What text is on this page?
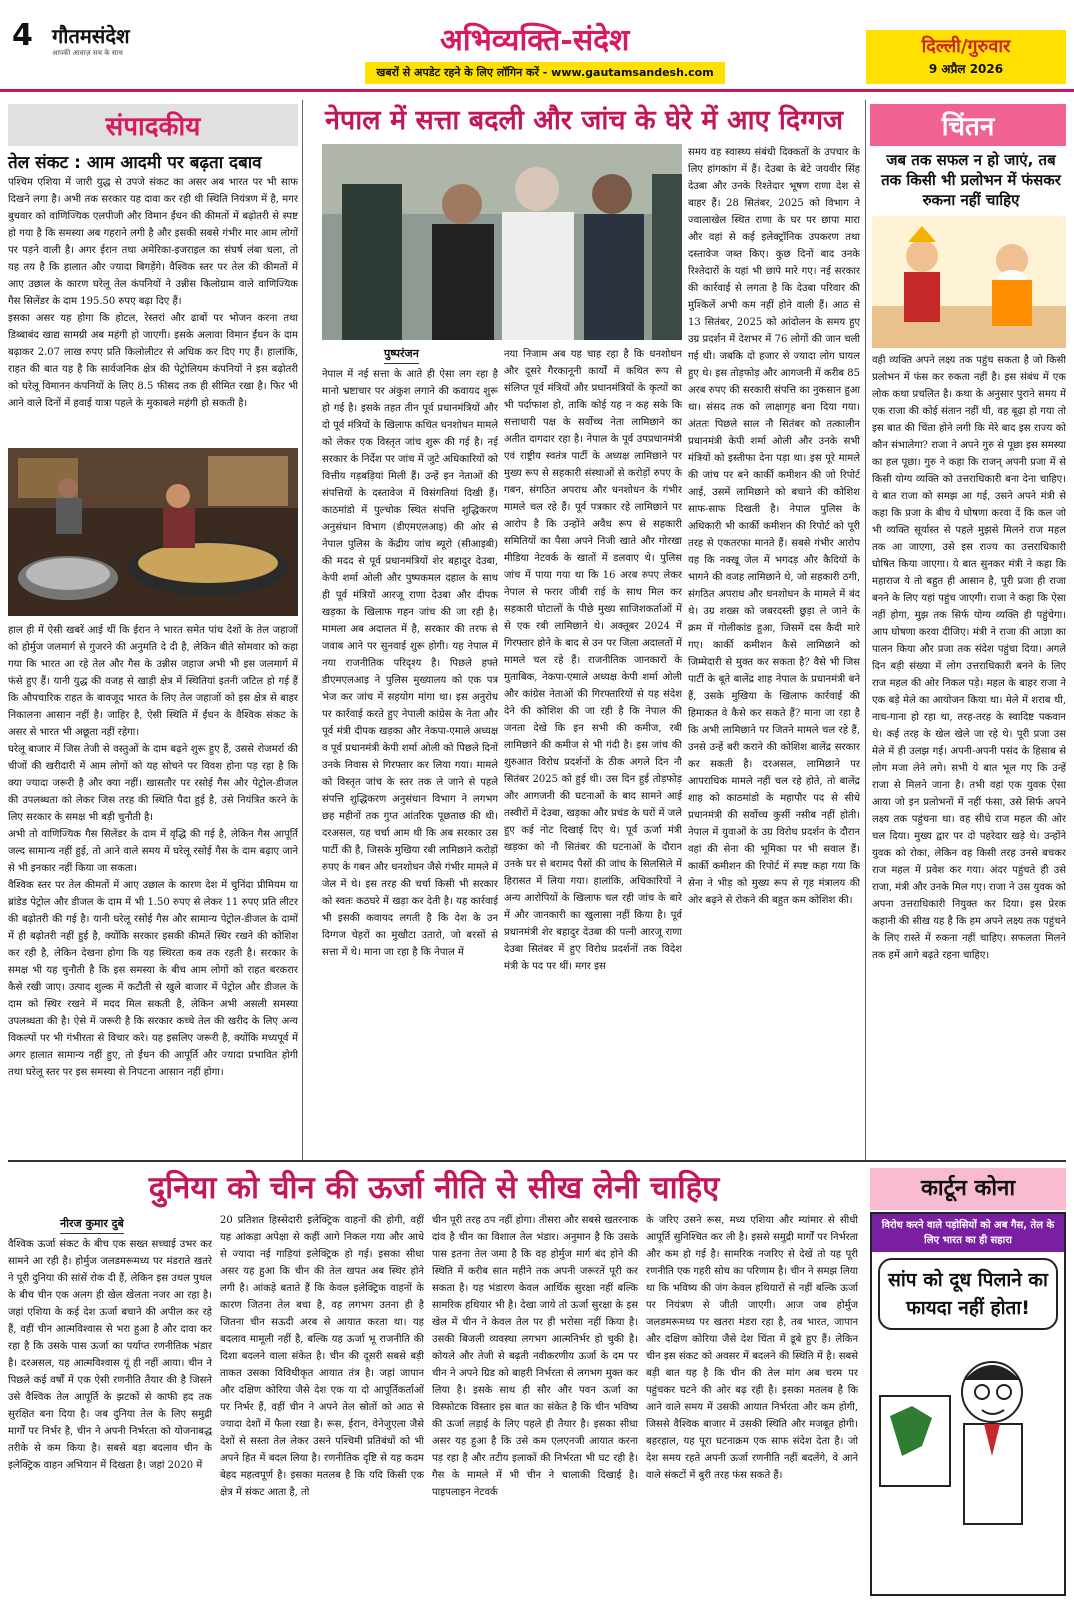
4 गौतमसंदेश
आपकी आवाज़ सच के साथ	अभिव्यक्ति-संदेश
खबरों से अपडेट रहने के लिए लॉगिन करें - www.gautamsandesh.com
दिल्ली/गुरुवार
9 अप्रैल 2026
संपादकीय
तेल संकट : आम आदमी पर बढ़ता दबाव

पश्चिम एशिया में जारी युद्ध से उपजे संकट का असर अब भारत पर भी साफ दिखने लगा है। अभी तक सरकार यह दावा कर रही थी स्थिति नियंत्रण में है, मगर बुधवार को वाणिज्यिक एलपीजी और विमान ईंधन की कीमतों में बढ़ोतरी से स्पष्ट हो गया है कि समस्या अब गहराने लगी है और इसकी सबसे गंभीर मार आम लोगों पर पड़ने वाली है। अगर ईरान तथा अमेरिका-इजराइल का संघर्ष लंबा चला, तो यह तय है कि हालात और ज्यादा बिगड़ेंगे। वैश्विक स्तर पर तेल की कीमतों में आए उछाल के कारण घरेलू तेल कंपनियों ने उन्नीस किलोग्राम वाले वाणिज्यिक गैस सिलेंडर के दाम 195.50 रुपए बढ़ा दिए हैं।

इसका असर यह होगा कि होटल, रेस्तरां और ढाबों पर भोजन करना तथा डिब्बाबंद खाद्य सामग्री अब महंगी हो जाएगी। इसके अलावा विमान ईंधन के दाम बढ़ाकर 2.07 लाख रुपए प्रति किलोलीटर से अधिक कर दिए गए हैं। हालांकि, राहत की बात यह है कि सार्वजनिक क्षेत्र की पेट्रोलियम कंपनियों ने इस बढ़ोतरी को घरेलू विमानन कंपनियों के लिए 8.5 फीसद तक ही सीमित रखा है। फिर भी आने वाले दिनों में हवाई यात्रा पहले के मुकाबले महंगी हो सकती है।

हाल ही में ऐसी खबरें आई थीं कि ईरान ने भारत समेत पांच देशों के तेल जहाजों को होर्मुज जलमार्ग से गुजरने की अनुमति दे दी है, लेकिन बीते सोमवार को कहा गया कि भारत आ रहे तेल और गैस के उन्नीस जहाज अभी भी इस जलमार्ग में फंसे हुए हैं। यानी युद्ध की वजह से खाड़ी क्षेत्र में स्थितियां इतनी जटिल हो गई हैं कि औपचारिक राहत के बावजूद भारत के लिए तेल जहाजों को इस क्षेत्र से बाहर निकालना आसान नहीं है। जाहिर है, ऐसी स्थिति में ईंधन के वैश्विक संकट के असर से भारत भी अछूता नहीं रहेगा।

घरेलू बाजार में जिस तेजी से वस्तुओं के दाम बढ़ने शुरू हुए हैं, उससे रोजमर्रा की चीजों की खरीदारी में आम लोगों को यह सोचने पर विवश होना पड़ रहा है कि क्या ज्यादा जरूरी है और क्या नहीं। खासतौर पर रसोई गैस और पेट्रोल-डीजल की उपलब्धता को लेकर जिस तरह की स्थिति पैदा हुई है, उसे नियंत्रित करने के लिए सरकार के समक्ष भी बड़ी चुनौती है।

अभी तो वाणिज्यिक गैस सिलेंडर के दाम में वृद्धि की गई है, लेकिन गैस आपूर्ति जल्द सामान्य नहीं हुई, तो आने वाले समय में घरेलू रसोई गैस के दाम बढ़ाए जाने से भी इनकार नहीं किया जा सकता।

वैश्विक स्तर पर तेल कीमतों में आए उछाल के कारण देश में चुनिंदा प्रीमियम या ब्रांडेड पेट्रोल और डीजल के दाम में भी 1.50 रुपए से लेकर 11 रुपए प्रति लीटर की बढ़ोतरी की गई है। यानी घरेलू रसोई गैस और सामान्य पेट्रोल-डीजल के दामों में ही बढ़ोतरी नहीं हुई है, क्योंकि सरकार इसकी कीमतें स्थिर रखने की कोशिश कर रही है, लेकिन देखना होगा कि यह स्थिरता कब तक रहती है। सरकार के समक्ष भी यह चुनौती है कि इस समस्या के बीच आम लोगों को राहत बरकरार कैसे रखी जाए। उत्पाद शुल्क में कटौती से खुले बाजार में पेट्रोल और डीजल के दाम को स्थिर रखने में मदद मिल सकती है, लेकिन अभी असली समस्या उपलब्धता की है। ऐसे में जरूरी है कि सरकार कच्चे तेल की खरीद के लिए अन्य विकल्पों पर भी गंभीरता से विचार करे। यह इसलिए जरूरी है, क्योंकि मध्यपूर्व में अगर हालात सामान्य नहीं हुए, तो ईंधन की आपूर्ति और ज्यादा प्रभावित होगी तथा घरेलू स्तर पर इस समस्या से निपटना आसान नहीं होगा।

नेपाल में सत्ता बदली और जांच के घेरे में आए दिग्गज
पुष्परंजन
नेपाल में नई सत्ता के आते ही ऐसा लग रहा है मानो भ्रष्टाचार पर अंकुश लगाने की कवायद शुरू हो गई है। इसके तहत तीन पूर्व प्रधानमंत्रियों और दो पूर्व मंत्रियों के खिलाफ कथित धनशोधन मामले को लेकर एक विस्तृत जांच शुरू की गई है। नई सरकार के निर्देश पर जांच में जुटे अधिकारियों को वित्तीय गड़बड़ियां मिली हैं। उन्हें इन नेताओं की संपत्तियों के दस्तावेज में विसंगतियां दिखी हैं। काठमांडो में पुल्चोक स्थित संपत्ति शुद्धिकरण अनुसंधान विभाग (डीएमएलआइ) की ओर से नेपाल पुलिस के केंद्रीय जांच ब्यूरो (सीआइबी) की मदद से पूर्व प्रधानमंत्रियों शेर बहादुर देउबा, केपी शर्मा ओली और पुष्पकमल दहाल के साथ ही पूर्व मंत्रियों आरजू राणा देउबा और दीपक खड़का के खिलाफ गहन जांच की जा रही है। मामला अब अदालत में है, सरकार की तरफ से जवाब आने पर सुनवाई शुरू होगी। यह नेपाल में नया राजनीतिक परिदृश्य है। पिछले हफ्ते डीएमएलआइ ने पुलिस मुख्यालय को एक पत्र भेज कर जांच में सहयोग मांगा था। इस अनुरोध पर कार्रवाई करते हुए नेपाली कांग्रेस के नेता और पूर्व मंत्री दीपक खड़का और नेकपा-एमाले अध्यक्ष व पूर्व प्रधानमंत्री केपी शर्मा ओली को पिछले दिनों उनके निवास से गिरफ्तार कर लिया गया। मामले को विस्तृत जांच के स्तर तक ले जाने से पहले संपत्ति शुद्धिकरण अनुसंधान विभाग ने लगभग छह महीनों तक गुप्त आंतरिक पूछताछ की थी। दरअसल, यह चर्चा आम थी कि अब सरकार उस पार्टी की है, जिसके मुखिया रबी लामिछाने करोड़ों रुपए के गबन और धनशोधन जैसे गंभीर मामले में जेल में थे। इस तरह की चर्चा किसी भी सरकार को स्वतः कठघरे में खड़ा कर देती है। यह कार्रवाई भी इसकी कवायद लगती है कि देश के उन दिग्गज चेहरों का मुखौटा उतारो, जो बरसों से सत्ता में थे। माना जा रहा है कि नेपाल में
नया निजाम अब यह चाह रहा है कि धनशोधन और दूसरे गैरकानूनी कार्यों में कथित रूप से संलिप्त पूर्व मंत्रियों और प्रधानमंत्रियों के कृत्यों का भी पर्दाफाश हो, ताकि कोई यह न कह सके कि सत्ताधारी पक्ष के सर्वोच्च नेता लामिछाने का अतीत दागदार रहा है। नेपाल के पूर्व उपप्रधानमंत्री एवं राष्ट्रीय स्वतंत्र पार्टी के अध्यक्ष लामिछाने पर मुख्य रूप से सहकारी संस्थाओं से करोड़ों रुपए के गबन, संगठित अपराध और धनशोधन के गंभीर मामले चल रहे हैं। पूर्व पत्रकार रहे लामिछाने पर आरोप है कि उन्होंने अवैध रूप से सहकारी समितियों का पैसा अपने निजी खाते और गोरखा मीडिया नेटवर्क के खातों में डलवाए थे। पुलिस जांच में पाया गया था कि 16 अरब रुपए लेकर नेपाल से फरार जीबी राई के साथ मिल कर सहकारी घोटालों के पीछे मुख्य साजिशकर्ताओं में से एक रबी लामिछाने थे। अक्तूबर 2024 में गिरफ्तार होने के बाद से उन पर जिला अदालतों में मामले चल रहे हैं। राजनीतिक जानकारों के मुताबिक, नेकपा-एमाले अध्यक्ष केपी शर्मा ओली और कांग्रेस नेताओं की गिरफ्तारियों से यह संदेश देने की कोशिश की जा रही है कि नेपाल की जनता देखे कि इन सभी की कमीज, रबी लामिछाने की कमीज से भी गंदी है। इस जांच की शुरुआत विरोध प्रदर्शनों के ठीक अगले दिन नौ सितंबर 2025 को हुई थी। उस दिन हुई तोड़फोड़ और आगजनी की घटनाओं के बाद सामने आई तस्वीरों में देउबा, खड़का और प्रचंड के घरों में जले हुए कई नोट दिखाई दिए थे। पूर्व ऊर्जा मंत्री खड़का को नौ सितंबर की घटनाओं के दौरान उनके घर से बरामद पैसों की जांच के सिलसिले में हिरासत में लिया गया। हालांकि, अधिकारियों ने अन्य आरोपियों के खिलाफ चल रही जांच के बारे में और जानकारी का खुलासा नहीं किया है। पूर्व प्रधानमंत्री शेर बहादुर देउबा की पत्नी आरजू राणा देउबा सितंबर में हुए विरोध प्रदर्शनों तक विदेश मंत्री के पद पर थीं। मगर इस
समय वह स्वास्थ्य संबंधी दिक्कतों के उपचार के लिए हांगकांग में हैं। देउबा के बेटे जयवीर सिंह देउबा और उनके रिश्तेदार भूषण राणा देश से बाहर हैं। 28 सितंबर, 2025 को विभाग ने ज्वालाखेल स्थित राणा के घर पर छापा मारा और वहां से कई इलेक्ट्रॉनिक उपकरण तथा दस्तावेज जब्त किए। कुछ दिनों बाद उनके रिश्तेदारों के यहां भी छापे मारे गए। नई सरकार की कार्रवाई से लगता है कि देउबा परिवार की मुश्किलें अभी कम नहीं होने वाली हैं। आठ से 13 सितंबर, 2025 को आंदोलन के समय हुए उग्र प्रदर्शन में देशभर में 76 लोगों की जान चली गई थी। जबकि दो हजार से ज्यादा लोग घायल हुए थे। इस तोड़फोड़ और आगजनी में करीब 85 अरब रुपए की सरकारी संपत्ति का नुकसान हुआ था। संसद तक को लाक्षागृह बना दिया गया। अंततः पिछले साल नौ सितंबर को तत्कालीन प्रधानमंत्री केपी शर्मा ओली और उनके सभी मंत्रियों को इस्तीफा देना पड़ा था। इस पूरे मामले की जांच पर बने कार्की कमीशन की जो रिपोर्ट आई, उसमें लामिछाने को बचाने की कोशिश साफ-साफ दिखती है। नेपाल पुलिस के अधिकारी भी कार्की कमीशन की रिपोर्ट को पूरी तरह से एकतरफा मानते हैं। सबसे गंभीर आरोप यह कि नक्खू जेल में भगदड़ और कैदियों के भागने की वजह लामिछाने थे, जो सहकारी ठगी, संगठित अपराध और धनशोधन के मामले में बंद थे। उग्र शख्स को जबरदस्ती छुड़ा ले जाने के क्रम में गोलीकांड हुआ, जिसमें दस कैदी मारे गए। कार्की कमीशन कैसे लामिछाने को जिम्मेदारी से मुक्त कर सकता है? वैसे भी जिस पार्टी के बूते बालेंद्र शाह नेपाल के प्रधानमंत्री बने हैं, उसके मुखिया के खिलाफ कार्रवाई की हिमाकत वे कैसे कर सकते हैं? माना जा रहा है कि अभी लामिछाने पर जितने मामले चल रहे हैं, उनसे उन्हें बरी कराने की कोशिश बालेंद्र सरकार कर सकती है। दरअसल, लामिछाने पर आपराधिक मामले नहीं चल रहे होते, तो बालेंद्र शाह को काठमांडो के महापौर पद से सीधे प्रधानमंत्री की सर्वोच्च कुर्सी नसीब नहीं होती। नेपाल में युवाओं के उग्र विरोध प्रदर्शन के दौरान वहां की सेना की भूमिका पर भी सवाल हैं। कार्की कमीशन की रिपोर्ट में स्पष्ट कहा गया कि सेना ने भीड़ को मुख्य रूप से गृह मंत्रालय की ओर बढ़ने से रोकने की बहुत कम कोशिश की।
चिंतन
जब तक सफल न हो जाएं, तब तक किसी भी प्रलोभन में फंसकर रुकना नहीं चाहिए
वही व्यक्ति अपने लक्ष्य तक पहुंच सकता है जो किसी प्रलोभन में फंस कर रुकता नहीं है। इस संबंध में एक लोक कथा प्रचलित है। कथा के अनुसार पुराने समय में एक राजा की कोई संतान नहीं थी, वह बूढ़ा हो गया तो इस बात की चिंता होने लगी कि मेरे बाद इस राज्य को कौन संभालेगा? राजा ने अपने गुरु से पूछा इस समस्या का हल पूछा। गुरु ने कहा कि राजन् अपनी प्रजा में से किसी योग्य व्यक्ति को उत्तराधिकारी बना देना चाहिए। ये बात राजा को समझ आ गई, उसने अपने मंत्री से कहा कि प्रजा के बीच ये घोषणा करवा दें कि कल जो भी व्यक्ति सूर्यास्त से पहले मुझसे मिलने राज महल तक आ जाएगा, उसे इस राज्य का उत्तराधिकारी घोषित किया जाएगा। ये बात सुनकर मंत्री ने कहा कि महाराज ये तो बहुत ही आसान है, पूरी प्रजा ही राजा बनने के लिए यहां पहुंच जाएगी। राजा ने कहा कि ऐसा नहीं होगा, मुझ तक सिर्फ योग्य व्यक्ति ही पहुंचेगा। आप घोषणा करवा दीजिए। मंत्री ने राजा की आज्ञा का पालन किया और प्रजा तक संदेश पहुंचा दिया। अगले दिन बड़ी संख्या में लोग उत्तराधिकारी बनने के लिए राज महल की ओर निकल पड़े। महल के बाहर राजा ने एक बड़े मेले का आयोजन किया था। मेले में शराब थी, नाच-गाना हो रहा था, तरह-तरह के स्वादिष्ट पकवान थे। कई तरह के खेल खेले जा रहे थे। पूरी प्रजा उस मेले में ही उलझ गई। अपनी-अपनी पसंद के हिसाब से लोग मजा लेने लगे। सभी ये बात भूल गए कि उन्हें राजा से मिलने जाना है। तभी वहां एक युवक ऐसा आया जो इन प्रलोभनों में नहीं फंसा, उसे सिर्फ अपने लक्ष्य तक पहुंचना था। वह सीधे राज महल की ओर चल दिया। मुख्य द्वार पर दो पहरेदार खड़े थे। उन्होंने युवक को रोका, लेकिन वह किसी तरह उनसे बचकर राज महल में प्रवेश कर गया। अंदर पहुंचते ही उसे राजा, मंत्री और उनके मिल गए। राजा ने उस युवक को अपना उत्तराधिकारी नियुक्त कर दिया। इस प्रेरक कहानी की सीख यह है कि हम अपने लक्ष्य तक पहुंचने के लिए रास्ते में रुकना नहीं चाहिए। सफलता मिलने तक हमें आगे बढ़ते रहना चाहिए।
दुनिया को चीन की ऊर्जा नीति से सीख लेनी चाहिए
नीरज कुमार दुबे
वैश्विक ऊर्जा संकट के बीच एक सख्त सच्चाई उभर कर सामने आ रही है। होर्मुज जलडमरूमध्य पर मंडराते खतरे ने पूरी दुनिया की सांसें रोक दी हैं, लेकिन इस उथल पुथल के बीच चीन एक अलग ही खेल खेलता नजर आ रहा है। जहां एशिया के कई देश ऊर्जा बचाने की अपील कर रहे हैं, वहीं चीन आत्मविश्वास से भरा हुआ है और दावा कर रहा है कि उसके पास ऊर्जा का पर्याप्त रणनीतिक भंडार है। दरअसल, यह आत्मविश्वास यूं ही नहीं आया। चीन ने पिछले कई वर्षों में एक ऐसी रणनीति तैयार की है जिसने उसे वैश्विक तेल आपूर्ति के झटकों से काफी हद तक सुरक्षित बना दिया है। जब दुनिया तेल के लिए समुद्री मार्गों पर निर्भर है, चीन ने अपनी निर्भरता को योजनाबद्ध तरीके से कम किया है। सबसे बड़ा बदलाव चीन के इलेक्ट्रिक वाहन अभियान में दिखता है। जहां 2020 में
20 प्रतिशत हिस्सेदारी इलेक्ट्रिक वाहनों की होगी, वहीं यह आंकड़ा अपेक्षा से कहीं आगे निकल गया और आधे से ज्यादा नई गाड़ियां इलेक्ट्रिक हो गई। इसका सीधा असर यह हुआ कि चीन की तेल खपत अब स्थिर होने लगी है। आंकड़े बताते हैं कि केवल इलेक्ट्रिक वाहनों के कारण जितना तेल बचा है, वह लगभग उतना ही है जितना चीन सऊदी अरब से आयात करता था। यह बदलाव मामूली नहीं है, बल्कि यह ऊर्जा भू राजनीति की दिशा बदलने वाला संकेत है। चीन की दूसरी सबसे बड़ी ताकत उसका विविधीकृत आयात तंत्र है। जहां जापान और दक्षिण कोरिया जैसे देश एक या दो आपूर्तिकर्ताओं पर निर्भर हैं, वहीं चीन ने अपने तेल स्रोतों को आठ से ज्यादा देशों में फैला रखा है। रूस, ईरान, वेनेजुएला जैसे देशों से सस्ता तेल लेकर उसने पश्चिमी प्रतिबंधों को भी अपने हित में बदल लिया है। रणनीतिक दृष्टि से यह कदम बेहद महत्वपूर्ण है। इसका मतलब है कि यदि किसी एक क्षेत्र में संकट आता है, तो
चीन पूरी तरह ठप नहीं होगा। तीसरा और सबसे खतरनाक दांव है चीन का विशाल तेल भंडार। अनुमान है कि उसके पास इतना तेल जमा है कि वह होर्मुज मार्ग बंद होने की स्थिति में करीब सात महीने तक अपनी जरूरतें पूरी कर सकता है। यह भंडारण केवल आर्थिक सुरक्षा नहीं बल्कि सामरिक हथियार भी है। देखा जाये तो ऊर्जा सुरक्षा के इस खेल में चीन ने केवल तेल पर ही भरोसा नहीं किया है। उसकी बिजली व्यवस्था लगभग आत्मनिर्भर हो चुकी है। कोयले और तेजी से बढ़ती नवीकरणीय ऊर्जा के दम पर चीन ने अपने ग्रिड को बाहरी निर्भरता से लगभग मुक्त कर लिया है। इसके साथ ही सौर और पवन ऊर्जा का विस्फोटक विस्तार इस बात का संकेत है कि चीन भविष्य की ऊर्जा लड़ाई के लिए पहले ही तैयार है। इसका सीधा असर यह हुआ है कि उसे कम एलएनजी आयात करना पड़ रहा है और तटीय इलाकों की निर्भरता भी घट रही है। गैस के मामले में भी चीन ने चालाकी दिखाई है। पाइपलाइन नेटवर्क
के जरिए उसने रूस, मध्य एशिया और म्यांमार से सीधी आपूर्ति सुनिश्चित कर ली है। इससे समुद्री मार्गों पर निर्भरता और कम हो गई है। सामरिक नजरिए से देखें तो यह पूरी रणनीति एक गहरी सोच का परिणाम है। चीन ने समझ लिया था कि भविष्य की जंग केवल हथियारों से नहीं बल्कि ऊर्जा पर नियंत्रण से जीती जाएगी। आज जब होर्मुज जलडमरूमध्य पर खतरा मंडरा रहा है, तब भारत, जापान और दक्षिण कोरिया जैसे देश चिंता में डूबे हुए हैं। लेकिन चीन इस संकट को अवसर में बदलने की स्थिति में है। सबसे बड़ी बात यह है कि चीन की तेल मांग अब चरम पर पहुंचकर घटने की ओर बढ़ रही है। इसका मतलब है कि आने वाले समय में उसकी आयात निर्भरता और कम होगी, जिससे वैश्विक बाजार में उसकी स्थिति और मजबूत होगी। बहरहाल, यह पूरा घटनाक्रम एक साफ संदेश देता है। जो देश समय रहते अपनी ऊर्जा रणनीति नहीं बदलेंगे, वे आने वाले संकटों में बुरी तरह फंस सकते हैं।
कार्टून कोना
विरोध करने वाले पड़ोसियों को अब गैस, तेल के लिए भारत का ही सहारा
सांप को दूध पिलाने का फायदा नहीं होता!
